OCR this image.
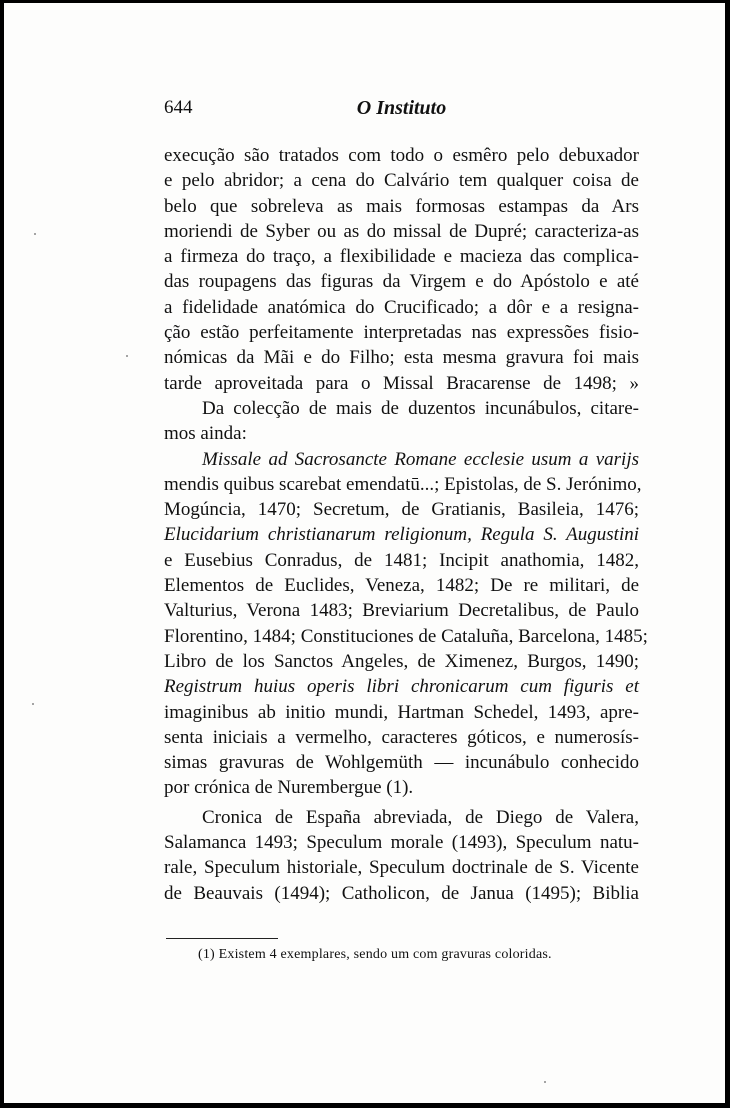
644	O Instituto
execução são tratados com todo o esmêro pelo debuxador
e pelo abridor; a cena do Calvário tem qualquer coisa de
belo que sobreleva as mais formosas estampas da Ars
moriendi de Syber ou as do missal de Dupré; caracteriza-as
a firmeza do traço, a flexibilidade e macieza das complica-
das roupagens das figuras da Virgem e do Apóstolo e até
a fidelidade anatómica do Crucificado; a dôr e a resigna-
ção estão perfeitamente interpretadas nas expressões fisio-
nómicas da Mãi e do Filho; esta mesma gravura foi mais
tarde aproveitada para o Missal Bracarense de 1498; »
Da colecção de mais de duzentos incunábulos, citare-
mos ainda:
Missale ad Sacrosancte Romane ecclesie usum a varijs
mendis quibus scarebat emendatū...; Epistolas, de S. Jerónimo,
Mogúncia, 1470; Secretum, de Gratianis, Basileia, 1476;
Elucidarium christianarum religionum, Regula S. Augustini
e Eusebius Conradus, de 1481; Incipit anathomia, 1482,
Elementos de Euclides, Veneza, 1482; De re militari, de
Valturius, Verona 1483; Breviarium Decretalibus, de Paulo
Florentino, 1484; Constituciones de Cataluña, Barcelona, 1485;
Libro de los Sanctos Angeles, de Ximenez, Burgos, 1490;
Registrum huius operis libri chronicarum cum figuris et
imaginibus ab initio mundi, Hartman Schedel, 1493, apre-
senta iniciais a vermelho, caracteres góticos, e numerosís-
simas gravuras de Wohlgemüth — incunábulo conhecido
por crónica de Nurembergue (1).
Cronica de España abreviada, de Diego de Valera,
Salamanca 1493; Speculum morale (1493), Speculum natu-
rale, Speculum historiale, Speculum doctrinale de S. Vicente
de Beauvais (1494); Catholicon, de Janua (1495); Biblia
(1) Existem 4 exemplares, sendo um com gravuras coloridas.
